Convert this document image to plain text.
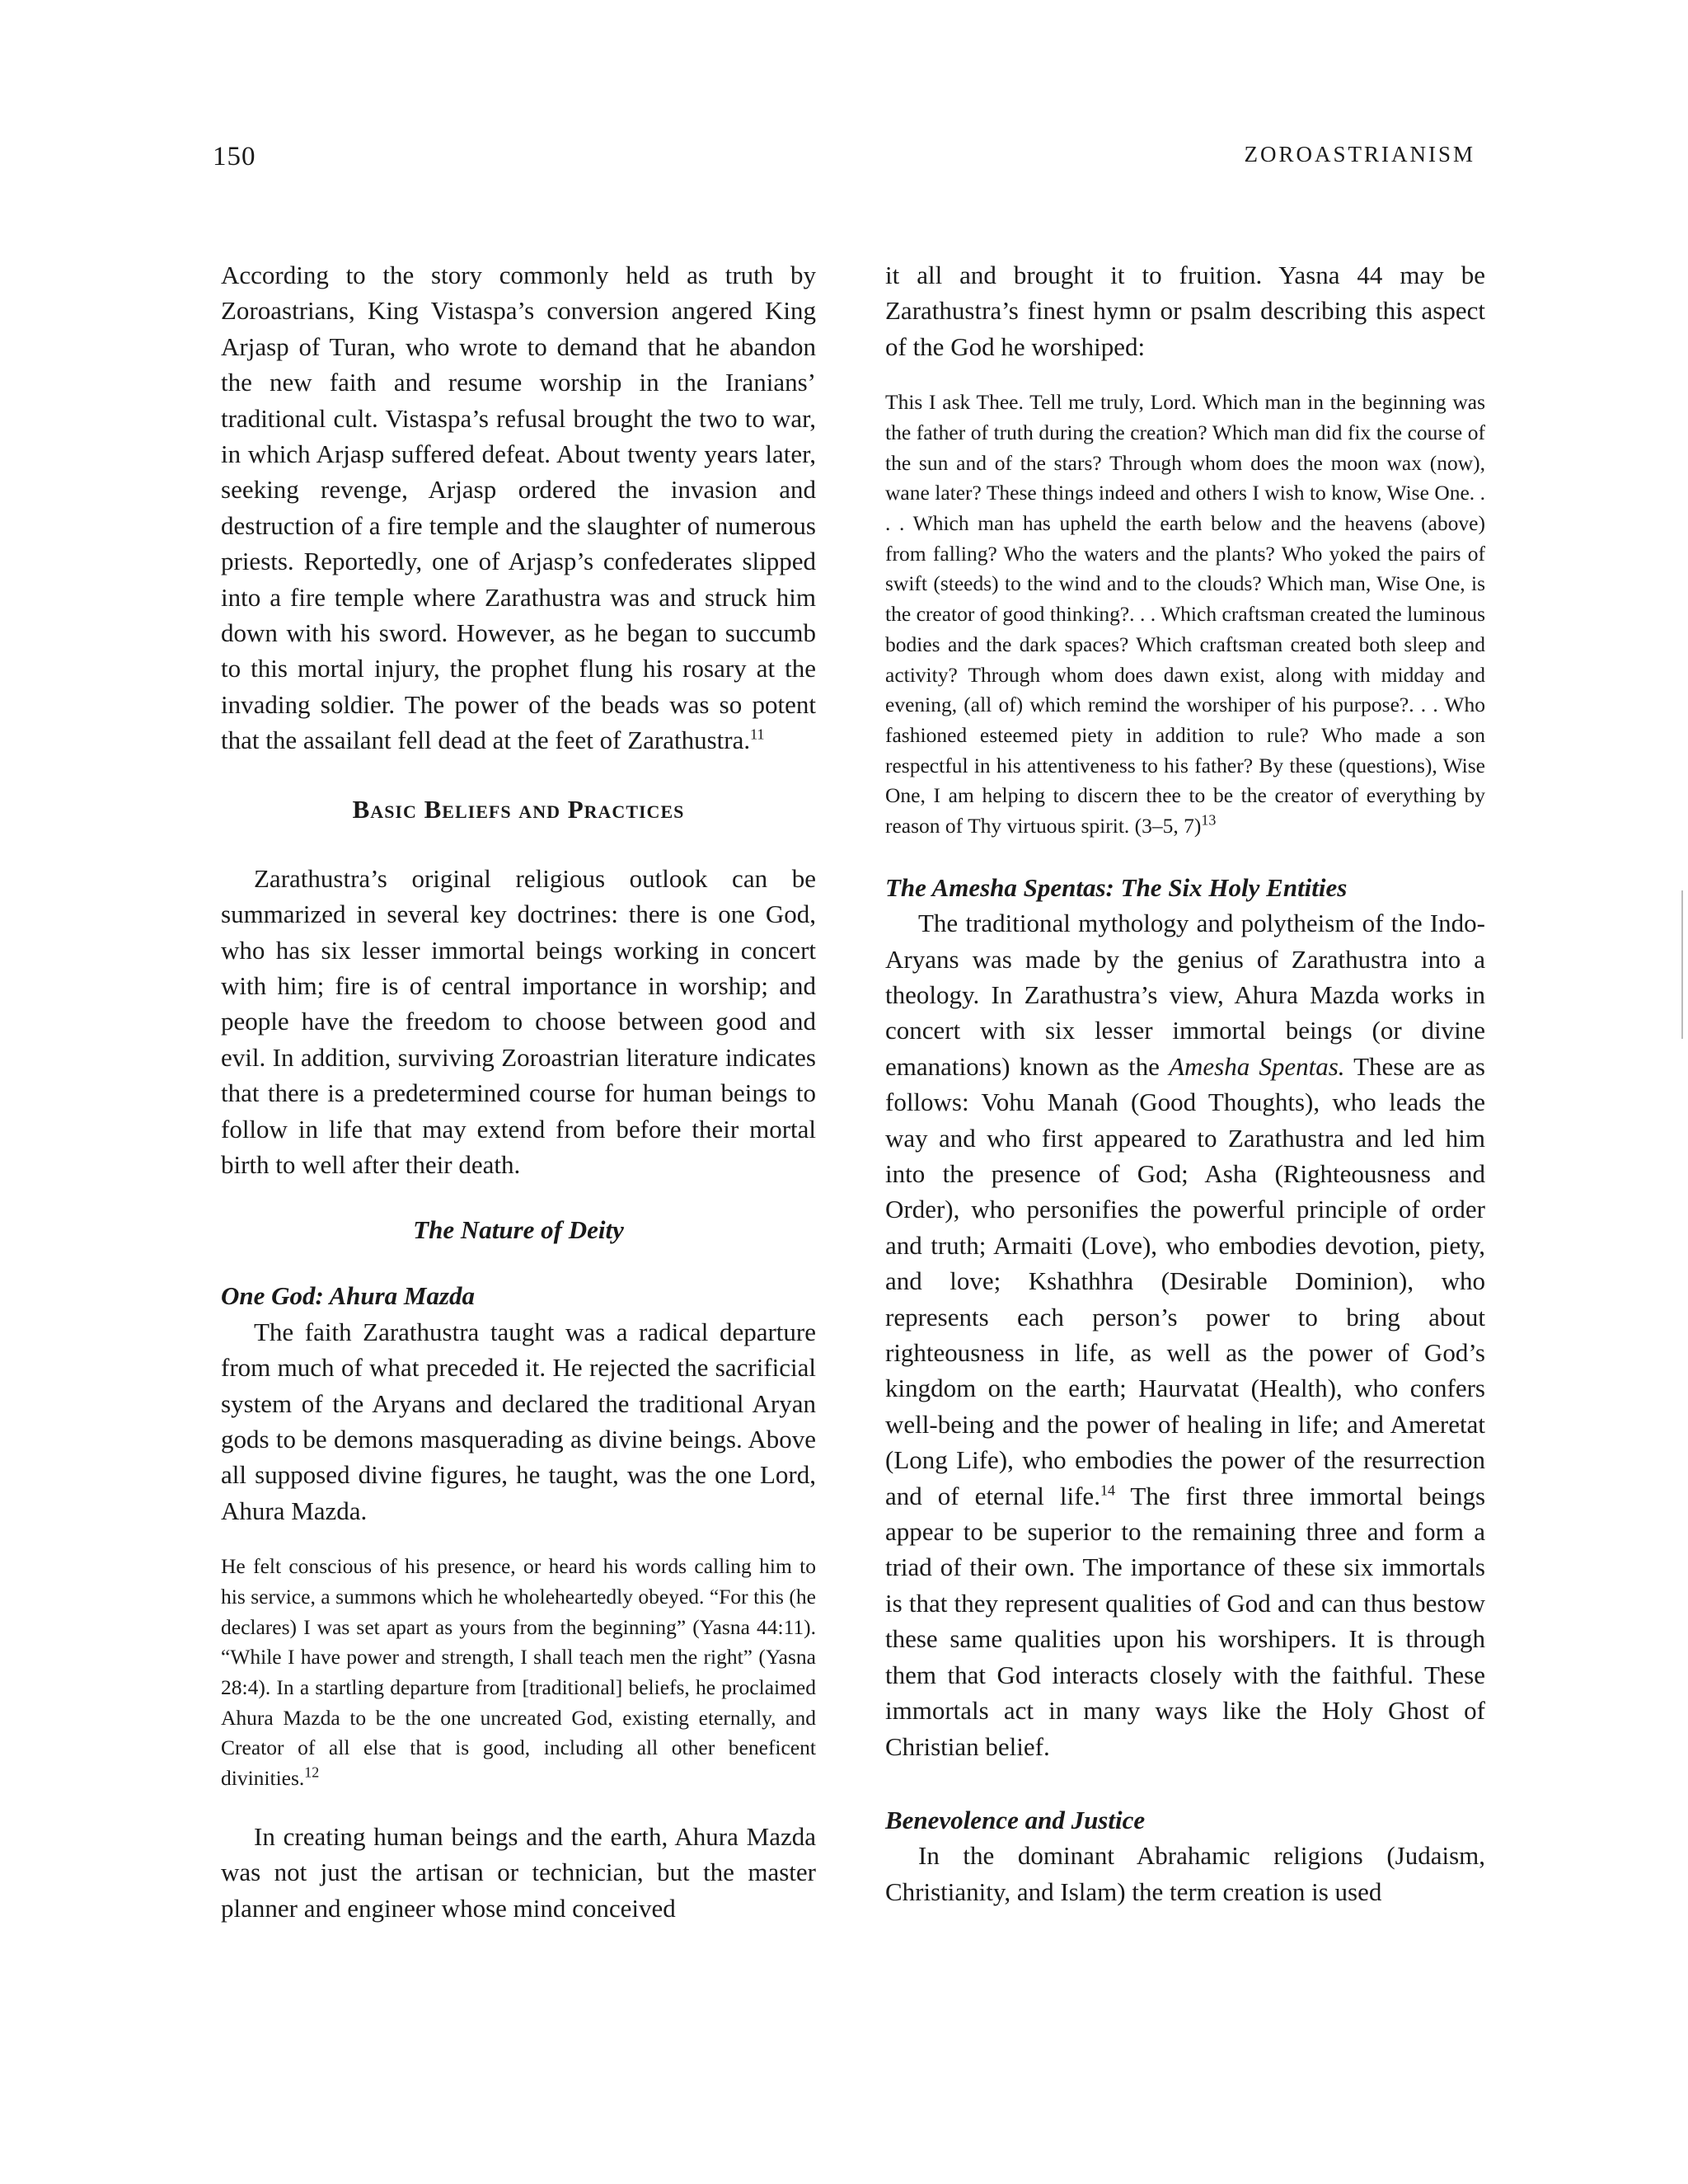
150	ZOROASTRIANISM

According to the story commonly held as truth by Zoroastrians, King Vistaspa’s conversion angered King Arjasp of Turan, who wrote to demand that he abandon the new faith and resume worship in the Iranians’ traditional cult. Vistaspa’s refusal brought the two to war, in which Arjasp suffered defeat. About twenty years later, seeking revenge, Arjasp ordered the invasion and destruction of a fire temple and the slaughter of numerous priests. Reportedly, one of Arjasp’s confederates slipped into a fire temple where Zarathustra was and struck him down with his sword. However, as he began to succumb to this mortal injury, the prophet flung his rosary at the invading soldier. The power of the beads was so potent that the assailant fell dead at the feet of Zarathustra.$^{11}$

Basic Beliefs and Practices

Zarathustra’s original religious outlook can be summarized in several key doctrines: there is one God, who has six lesser immortal beings working in concert with him; fire is of central importance in worship; and people have the freedom to choose between good and evil. In addition, surviving Zoroastrian literature indicates that there is a predetermined course for human beings to follow in life that may extend from before their mortal birth to well after their death.

The Nature of Deity
One God: Ahura Mazda

The faith Zarathustra taught was a radical departure from much of what preceded it. He rejected the sacrificial system of the Aryans and declared the traditional Aryan gods to be demons masquerading as divine beings. Above all supposed divine figures, he taught, was the one Lord, Ahura Mazda.

He felt conscious of his presence, or heard his words calling him to his service, a summons which he wholeheartedly obeyed. “For this (he declares) I was set apart as yours from the beginning” (Yasna 44:11). “While I have power and strength, I shall teach men the right” (Yasna 28:4). In a startling departure from [traditional] beliefs, he proclaimed Ahura Mazda to be the one uncreated God, existing eternally, and Creator of all else that is good, including all other beneficent divinities.$^{12}$

In creating human beings and the earth, Ahura Mazda was not just the artisan or technician, but the master planner and engineer whose mind conceived

it all and brought it to fruition. Yasna 44 may be Zarathustra’s finest hymn or psalm describing this aspect of the God he worshiped:

This I ask Thee. Tell me truly, Lord. Which man in the beginning was the father of truth during the creation? Which man did fix the course of the sun and of the stars? Through whom does the moon wax (now), wane later? These things indeed and others I wish to know, Wise One. . . . Which man has upheld the earth below and the heavens (above) from falling? Who the waters and the plants? Who yoked the pairs of swift (steeds) to the wind and to the clouds? Which man, Wise One, is the creator of good thinking?. . . Which craftsman created the luminous bodies and the dark spaces? Which craftsman created both sleep and activity? Through whom does dawn exist, along with midday and evening, (all of) which remind the worshiper of his purpose?. . . Who fashioned esteemed piety in addition to rule? Who made a son respectful in his attentiveness to his father? By these (questions), Wise One, I am helping to discern thee to be the creator of everything by reason of Thy virtuous spirit. (3–5, 7)$^{13}$

The Amesha Spentas: The Six Holy Entities

The traditional mythology and polytheism of the Indo-Aryans was made by the genius of Zarathustra into a theology. In Zarathustra’s view, Ahura Mazda works in concert with six lesser immortal beings (or divine emanations) known as the Amesha Spentas. These are as follows: Vohu Manah (Good Thoughts), who leads the way and who first appeared to Zarathustra and led him into the presence of God; Asha (Righteousness and Order), who personifies the powerful principle of order and truth; Armaiti (Love), who embodies devotion, piety, and love; Kshathhra (Desirable Dominion), who represents each person’s power to bring about righteousness in life, as well as the power of God’s kingdom on the earth; Haurvatat (Health), who confers well-being and the power of healing in life; and Ameretat (Long Life), who embodies the power of the resurrection and of eternal life.$^{14}$ The first three immortal beings appear to be superior to the remaining three and form a triad of their own. The importance of these six immortals is that they represent qualities of God and can thus bestow these same qualities upon his worshipers. It is through them that God interacts closely with the faithful. These immortals act in many ways like the Holy Ghost of Christian belief.

Benevolence and Justice

In the dominant Abrahamic religions (Judaism, Christianity, and Islam) the term creation is used
